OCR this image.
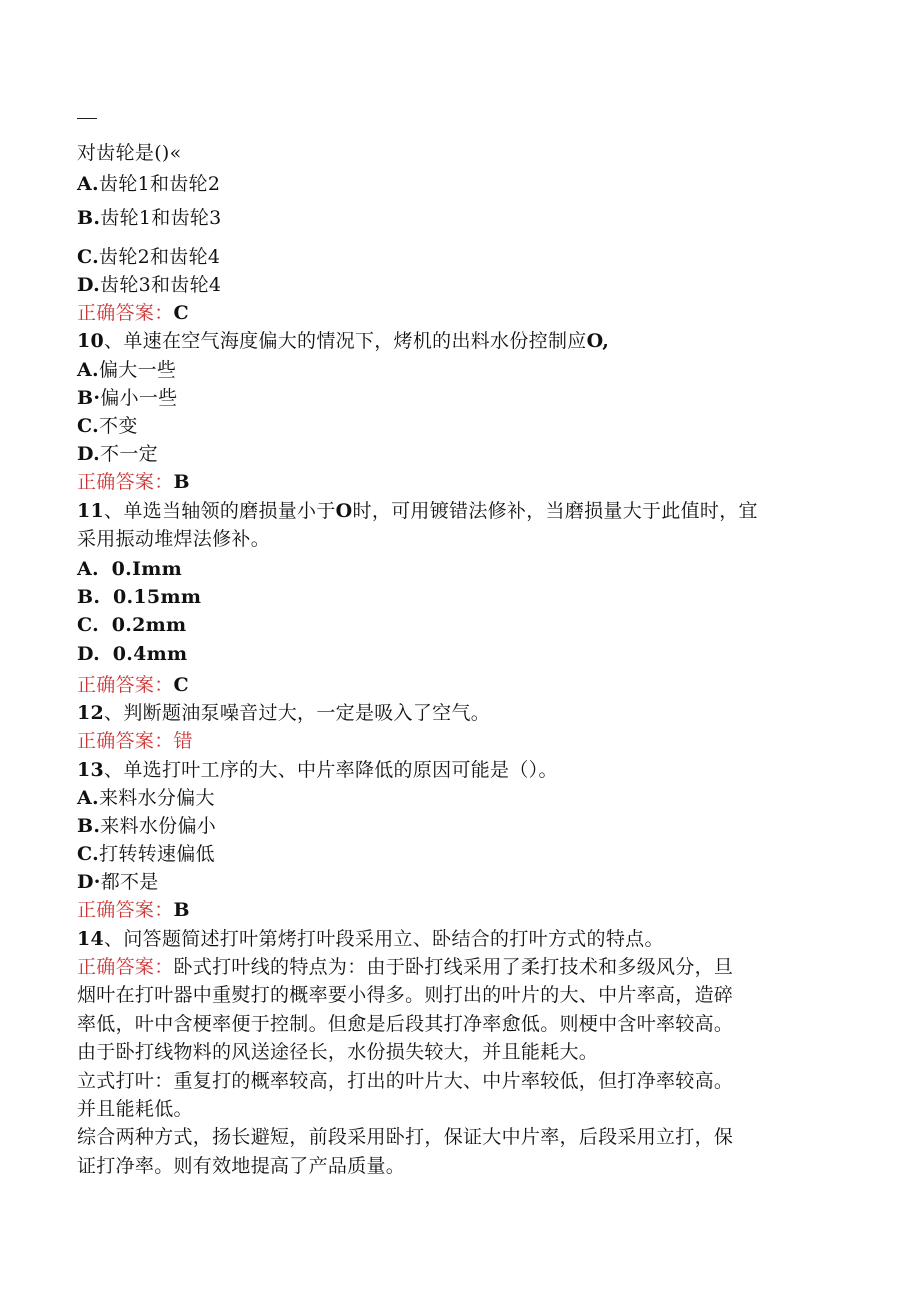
对齿轮是()«
A.齿轮1和齿轮2
B.齿轮1和齿轮3
C.齿轮2和齿轮4
D.齿轮3和齿轮4
正确答案：C
10、单速在空气海度偏大的情况下，烤机的出料水份控制应O,
A.偏大一些
B·偏小一些
C.不变
D.不一定
正确答案：B
11、单选当轴领的磨损量小于O时，可用镀错法修补，当磨损量大于此值时，宜
采用振动堆焊法修补。
A. 0.Imm
B. 0.15mm
C. 0.2mm
D. 0.4mm
正确答案：C
12、判断题油泵噪音过大，一定是吸入了空气。
正确答案：错
13、单选打叶工序的大、中片率降低的原因可能是（）。
A.来料水分偏大
B.来料水份偏小
C.打转转速偏低
D·都不是
正确答案：B
14、问答题简述打叶第烤打叶段采用立、卧结合的打叶方式的特点。
正确答案：卧式打叶线的特点为：由于卧打线采用了柔打技术和多级风分，旦
烟叶在打叶器中重熨打的概率要小得多。则打出的叶片的大、中片率高，造碎
率低，叶中含梗率便于控制。但愈是后段其打净率愈低。则梗中含叶率较高。
由于卧打线物料的风送途径长，水份损失较大，并且能耗大。
立式打叶：重复打的概率较高，打出的叶片大、中片率较低，但打净率较高。
并且能耗低。
综合两种方式，扬长避短，前段采用卧打，保证大中片率，后段采用立打，保
证打净率。则有效地提高了产品质量。
